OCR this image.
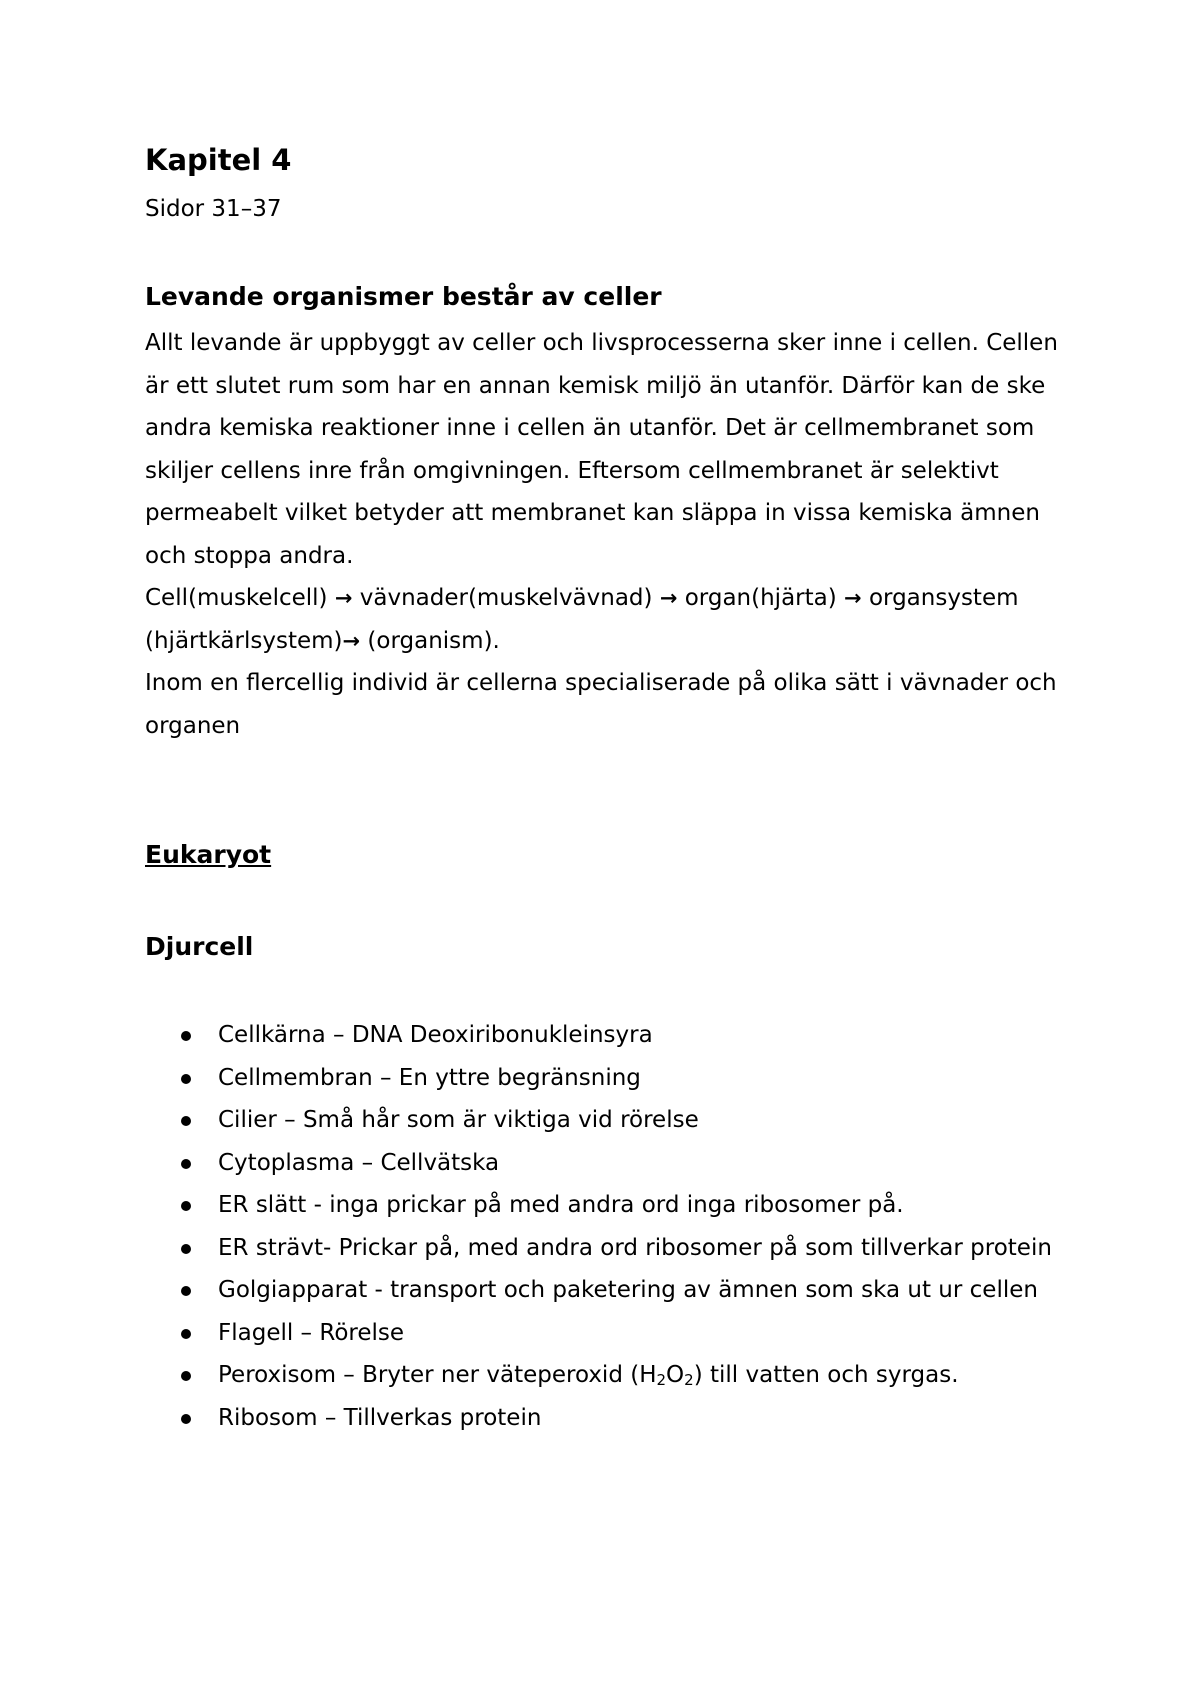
Kapitel 4

Sidor 31–37

Levande organismer består av celler

Allt levande är uppbyggt av celler och livsprocesserna sker inne i cellen. Cellen är ett slutet rum som har en annan kemisk miljö än utanför. Därför kan de ske andra kemiska reaktioner inne i cellen än utanför. Det är cellmembranet som skiljer cellens inre från omgivningen. Eftersom cellmembranet är selektivt permeabelt vilket betyder att membranet kan släppa in vissa kemiska ämnen och stoppa andra.

Cell(muskelcell) → vävnader(muskelvävnad) → organ(hjärta) → organsystem (hjärtkärlsystem)→ (organism).

Inom en flercellig individ är cellerna specialiserade på olika sätt i vävnader och organen

Eukaryot
Djurcell
Cellkärna – DNA Deoxiribonukleinsyra
Cellmembran – En yttre begränsning
Cilier – Små hår som är viktiga vid rörelse
Cytoplasma – Cellvätska
ER slätt - inga prickar på med andra ord inga ribosomer på.
ER strävt- Prickar på, med andra ord ribosomer på som tillverkar protein
Golgiapparat - transport och paketering av ämnen som ska ut ur cellen
Flagell – Rörelse
Peroxisom – Bryter ner väteperoxid $(H_2O_2)$ till vatten och syrgas.
Ribosom – Tillverkas protein
